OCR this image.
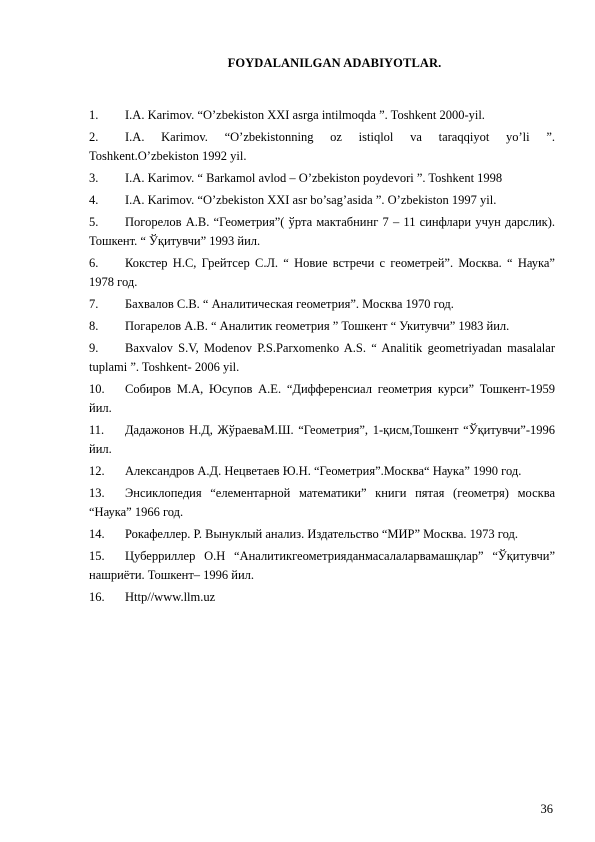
FOYDALANILGAN ADABIYOTLAR.
1. I.A. Karimov. “O’zbekiston XXI asrga intilmoqda ”. Toshkent 2000-yil.
2. I.A. Karimov. “O’zbekistonning oz istiqlol va taraqqiyot yo’li ”. Toshkent.O’zbekiston 1992 yil.
3. I.A. Karimov. “ Barkamol avlod – O’zbekiston poydevori ”. Toshkent 1998
4. I.A. Karimov. “O’zbekiston XXI asr bo’sag’asida ”. O’zbekiston 1997 yil.
5. Погорелов А.В. “Геометрия”( ўрта мактабнинг 7 – 11 синфлари учун дарслик). Тошкент. “ Ўқитувчи” 1993 йил.
6. Кокстер Н.С, Грейтсер С.Л. “ Новие встречи с геометрей”. Москва. “ Наука” 1978 год.
7. Бахвалов С.В. “ Аналитическая геометрия”. Москва 1970 год.
8. Погарелов А.В. “ Аналитик геометрия ” Тошкент “ Укитувчи” 1983 йил.
9. Baxvalov S.V, Modenov P.S.Parxomenko A.S. “ Analitik geometriyadan masalalar tuplami ”. Toshkent- 2006 yil.
10. Собиров М.А, Юсупов А.Е. “Дифференсиал геометрия курси” Тошкент-1959 йил.
11. Дадажонов Н.Д, ЖўраеваМ.Ш. “Геометрия”, 1-қисм,Тошкент “Ўқитувчи”-1996 йил.
12. Александров А.Д. Нецветаев Ю.Н. “Геометрия”.Москва“ Наука” 1990 год.
13. Энсиклопедия “елементарной математики” книги пятая (геометря) москва “Наука” 1966 год.
14. Рокафеллер. Р. Вынуклый анализ. Издательство “МИР” Москва. 1973 год.
15. Цуберриллер О.Н “Аналитикгеометрияданмасалаларвамашқлар” “Ўқитувчи” нашриёти. Тошкент– 1996 йил.
16. Http//www.llm.uz
36
